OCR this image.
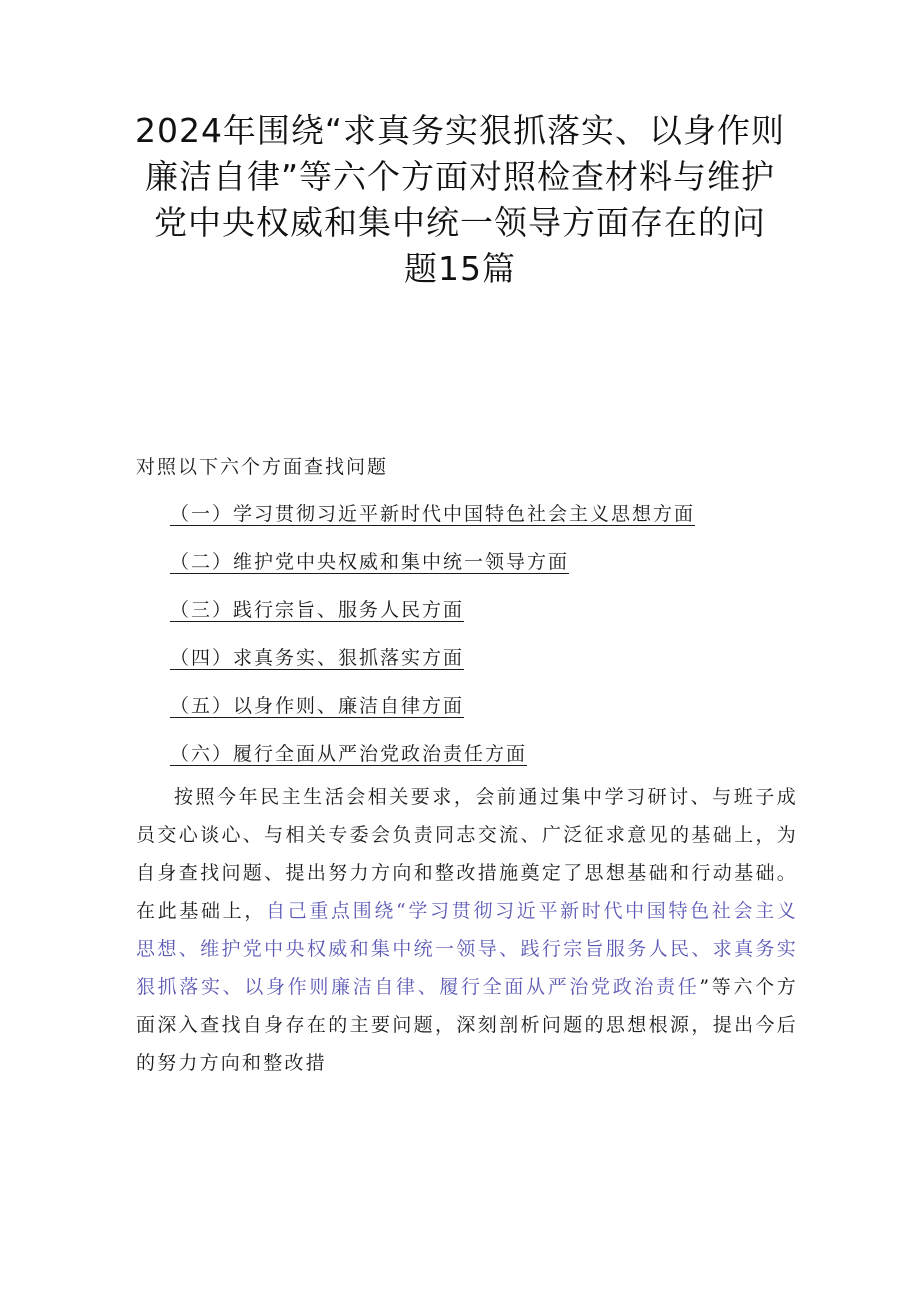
2024年围绕“求真务实狠抓落实、以身作则
廉洁自律”等六个方面对照检查材料与维护
党中央权威和集中统一领导方面存在的问
题15篇
对照以下六个方面查找问题
（一）学习贯彻习近平新时代中国特色社会主义思想方面
（二）维护党中央权威和集中统一领导方面
（三）践行宗旨、服务人民方面
（四）求真务实、狠抓落实方面
（五）以身作则、廉洁自律方面
（六）履行全面从严治党政治责任方面

按照今年民主生活会相关要求，会前通过集中学习研讨、与班子成员交心谈心、与相关专委会负责同志交流、广泛征求意见的基础上，为自身查找问题、提出努力方向和整改措施奠定了思想基础和行动基础。在此基础上，自己重点围绕“学习贯彻习近平新时代中国特色社会主义思想、维护党中央权威和集中统一领导、践行宗旨服务人民、求真务实狠抓落实、以身作则廉洁自律、履行全面从严治党政治责任”等六个方面深入查找自身存在的主要问题，深刻剖析问题的思想根源，提出今后的努力方向和整改措
